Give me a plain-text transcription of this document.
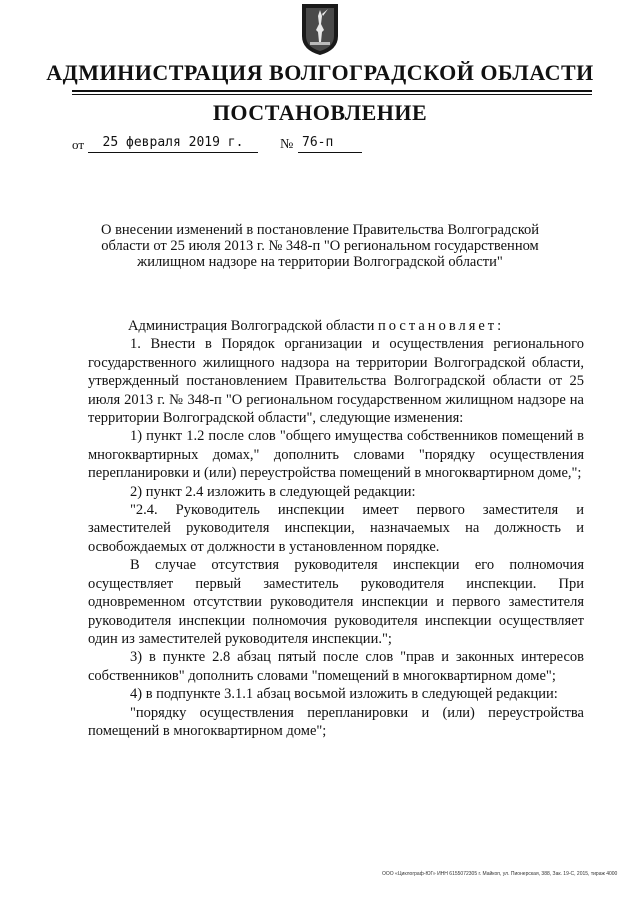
АДМИНИСТРАЦИЯ ВОЛГОГРАДСКОЙ ОБЛАСТИ
ПОСТАНОВЛЕНИЕ
от	25 февраля 2019 г.	№ 76-п
О внесении изменений в постановление Правительства Волгоградской области от 25 июля 2013 г. № 348-п "О региональном государственном жилищном надзоре на территории Волгоградской области"

Администрация Волгоградской области постановляет:

1. Внести в Порядок организации и осуществления регионального государственного жилищного надзора на территории Волгоградской области, утвержденный постановлением Правительства Волгоградской области от 25 июля 2013 г. № 348-п "О региональном государственном жилищном надзоре на территории Волгоградской области", следующие изменения:

1) пункт 1.2 после слов "общего имущества собственников помещений в многоквартирных домах," дополнить словами "порядку осуществления перепланировки и (или) переустройства помещений в многоквартирном доме,";

2) пункт 2.4 изложить в следующей редакции:

"2.4. Руководитель инспекции имеет первого заместителя и заместителей руководителя инспекции, назначаемых на должность и освобождаемых от должности в установленном порядке.

В случае отсутствия руководителя инспекции его полномочия осуществляет первый заместитель руководителя инспекции. При одновременном отсутствии руководителя инспекции и первого заместителя руководителя инспекции полномочия руководителя инспекции осуществляет один из заместителей руководителя инспекции.";

3) в пункте 2.8 абзац пятый после слов "прав и законных интересов собственников" дополнить словами "помещений в многоквартирном доме";

4) в подпункте 3.1.1 абзац восьмой изложить в следующей редакции:

"порядку осуществления перепланировки и (или) переустройства помещений в многоквартирном доме";

ООО «Циклограф-ЮГ» ИНН 6155072305 г. Майкоп, ул. Пионерская, 388, Зак. 19-С, 2015, тираж 4000
